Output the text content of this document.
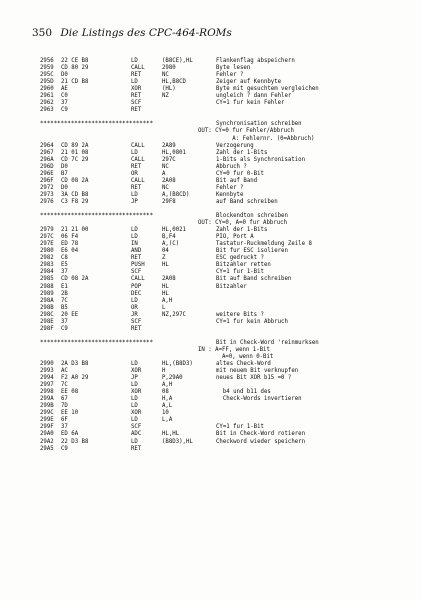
350 Die Listings des CPC-464-ROMs
2956 22 CE B8	LD	(B8CE),HL	Flankenflag abspeichern
2959 CD 80 29	CALL	2980	Byte lesen
295C D0	RET	NC	Fehler ?
295D 21 CD B8	LD	HL,B8CD	Zeiger auf Kennbyte
2960 AE	XOR	(HL)	Byte mit gesuchtem vergleichen
2961 C0	RET	NZ	ungleich ? dann Fehler
2962 37	SCF	CY=1 fur kein Fehler
2963 C9	RET
*********************************	Synchronisation schreiben
OUT: CY=0 fur Fehler/Abbruch
A: Fehlernr. (0=Abbruch)
2964 CD 89 2A	CALL	2A89	Verzogerung
2967 21 01 08	LD	HL,0801	Zahl der 1-Bits
296A CD 7C 29	CALL	297C	1-Bits als Synchronisation
296D D0	RET	NC	Abbruch ?
296E B7	OR	A	CY=0 fur 0-Bit
296F CD 08 2A	CALL	2A08	Bit auf Band
2972 D0	RET	NC	Fehler ?
2973 3A CD B8	LD	A,(B8CD)	Kennbyte
2976 C3 F8 29	JP	29F8	auf Band schreiben
*********************************	Blockendton schreiben
OUT: CY=0, A=0 fur Abbruch
2979 21 21 00	LD	HL,0021	Zahl der 1-Bits
297C 06 F4	LD	B,F4	PIO, Port A
297E ED 78	IN	A,(C)	Tastatur-Ruckmeldung Zeile 8
2980 E6 04	AND	04	Bit fur ESC isolieren
2982 C8	RET	Z	ESC gedruckt ?
2983 E5	PUSH	HL	Bitzahler retten
2984 37	SCF	CY=1 fur 1-Bit
2985 CD 08 2A	CALL	2A08	Bit auf Band schreiben
2988 E1	POP	HL	Bitzahler
2989 2B	DEC	HL
298A 7C	LD	A,H
298B B5	OR	L
298C 20 EE	JR	NZ,297C	weitere Bits ?
298E 37	SCF	CY=1 fur kein Abbruch
298F C9	RET
*********************************	Bit in Check-Word 'reinmurksen
IN : A=FF, wenn 1-Bit
A=0, wenn 0-Bit
2990 2A D3 B8	LD	HL,(B8D3)	altes Check-Word
2993 AC	XOR	H	mit neuem Bit verknupfen
2994 F2 A0 29	JP	P,29A0	neues Bit XOR b15 =0 ?
2997 7C	LD	A,H
2998 EE 08	XOR	08	b4 und b11 des
299A 67	LD	H,A	Check-Words invertieren
299B 7D	LD	A,L
299C EE 10	XOR	10
299E 6F	LD	L,A
299F 37	SCF	CY=1 fur 1-Bit
29A0 ED 6A	ADC	HL,HL	Bit in Check-Word rotieren
29A2 22 D3 B8	LD	(B8D3),HL	Checkword wieder speichern
29A5 C9	RET
